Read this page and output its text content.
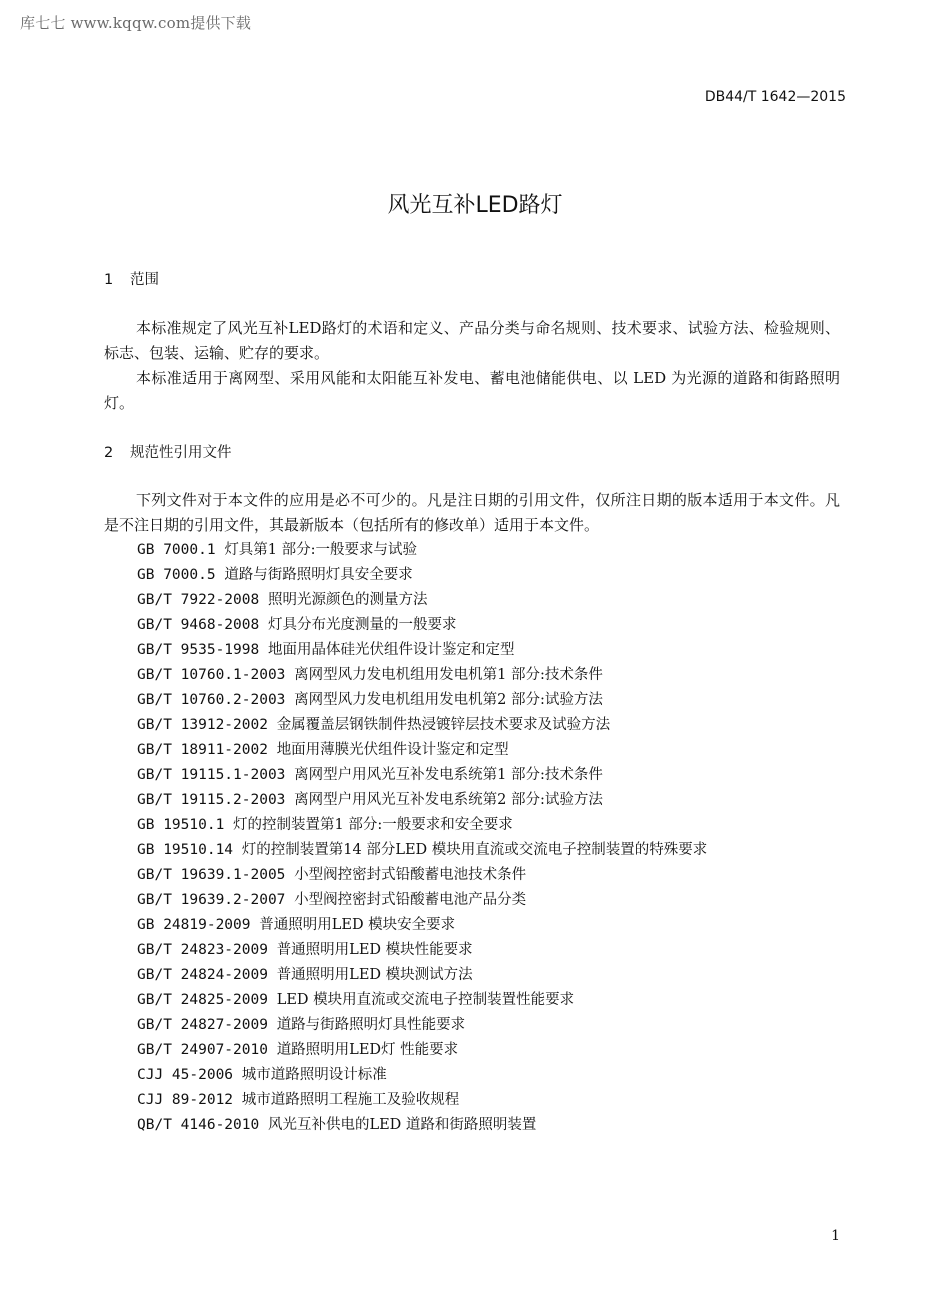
库七七 www.kqqw.com提供下载
DB44/T 1642—2015
风光互补LED路灯
1 范围
本标准规定了风光互补LED路灯的术语和定义、产品分类与命名规则、技术要求、试验方法、检验规则、标志、包装、运输、贮存的要求。
本标准适用于离网型、采用风能和太阳能互补发电、蓄电池储能供电、以 LED 为光源的道路和街路照明灯。
2 规范性引用文件
下列文件对于本文件的应用是必不可少的。凡是注日期的引用文件，仅所注日期的版本适用于本文件。凡是不注日期的引用文件，其最新版本（包括所有的修改单）适用于本文件。
GB 7000.1 灯具第1 部分:一般要求与试验
GB 7000.5 道路与街路照明灯具安全要求
GB/T 7922-2008 照明光源颜色的测量方法
GB/T 9468-2008 灯具分布光度测量的一般要求
GB/T 9535-1998 地面用晶体硅光伏组件设计鉴定和定型
GB/T 10760.1-2003 离网型风力发电机组用发电机第1 部分:技术条件
GB/T 10760.2-2003 离网型风力发电机组用发电机第2 部分:试验方法
GB/T 13912-2002 金属覆盖层钢铁制件热浸镀锌层技术要求及试验方法
GB/T 18911-2002 地面用薄膜光伏组件设计鉴定和定型
GB/T 19115.1-2003 离网型户用风光互补发电系统第1 部分:技术条件
GB/T 19115.2-2003 离网型户用风光互补发电系统第2 部分:试验方法
GB 19510.1 灯的控制装置第1 部分:一般要求和安全要求
GB 19510.14 灯的控制装置第14 部分LED 模块用直流或交流电子控制装置的特殊要求
GB/T 19639.1-2005 小型阀控密封式铅酸蓄电池技术条件
GB/T 19639.2-2007 小型阀控密封式铅酸蓄电池产品分类
GB 24819-2009 普通照明用LED 模块安全要求
GB/T 24823-2009 普通照明用LED 模块性能要求
GB/T 24824-2009 普通照明用LED 模块测试方法
GB/T 24825-2009 LED 模块用直流或交流电子控制装置性能要求
GB/T 24827-2009 道路与街路照明灯具性能要求
GB/T 24907-2010 道路照明用LED灯 性能要求
CJJ 45-2006 城市道路照明设计标准
CJJ 89-2012 城市道路照明工程施工及验收规程
QB/T 4146-2010 风光互补供电的LED 道路和街路照明装置
1
